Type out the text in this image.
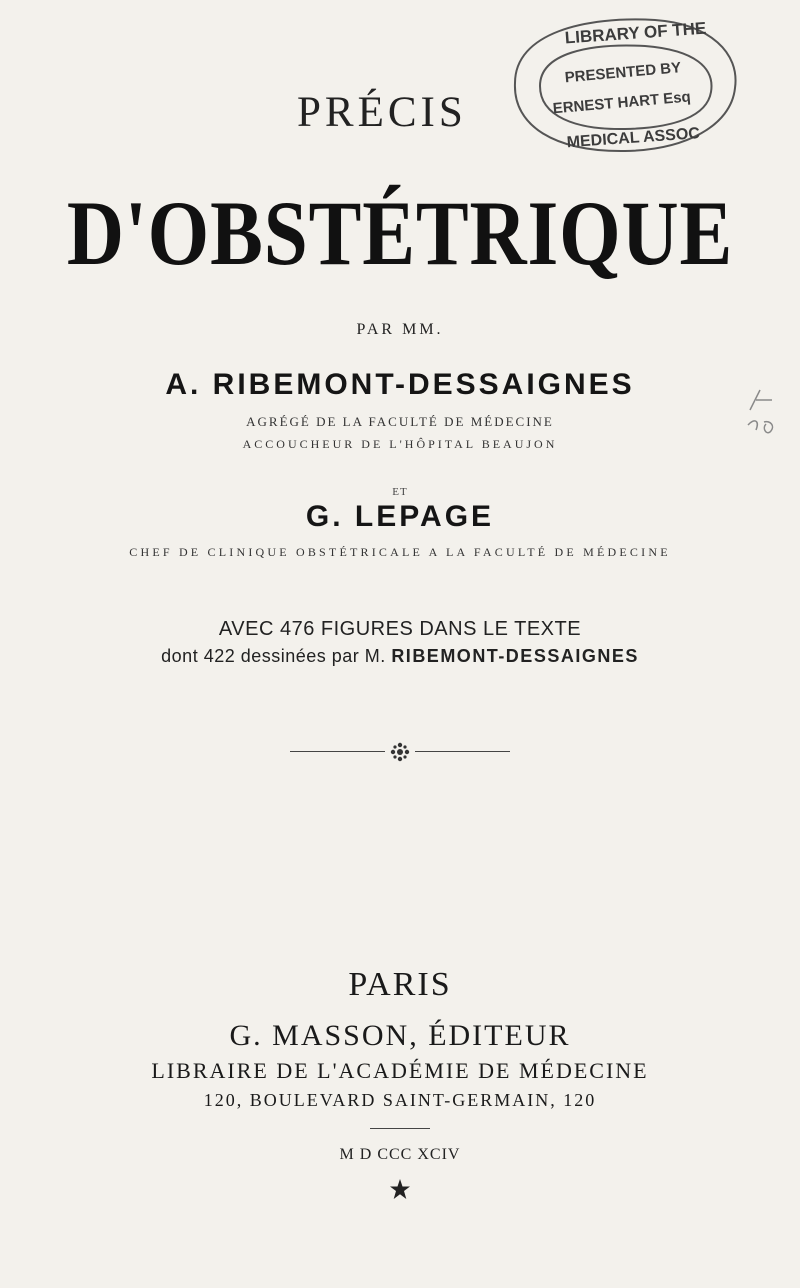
LIBRARY OF THE
PRESENTED BY
ERNEST HART Esq
MEDICAL ASSOC
PRÉCIS
D'OBSTÉTRIQUE
PAR MM.
A. RIBEMONT-DESSAIGNES
AGRÉGÉ DE LA FACULTÉ DE MÉDECINE
ACCOUCHEUR DE L'HÔPITAL BEAUJON
ET
G. LEPAGE
CHEF DE CLINIQUE OBSTÉTRICALE A LA FACULTÉ DE MÉDECINE
AVEC 476 FIGURES DANS LE TEXTE
dont 422 dessinées par M. RIBEMONT-DESSAIGNES
PARIS
G. MASSON, ÉDITEUR
LIBRAIRE DE L'ACADÉMIE DE MÉDECINE
120, BOULEVARD SAINT-GERMAIN, 120
M D CCC XCIV
